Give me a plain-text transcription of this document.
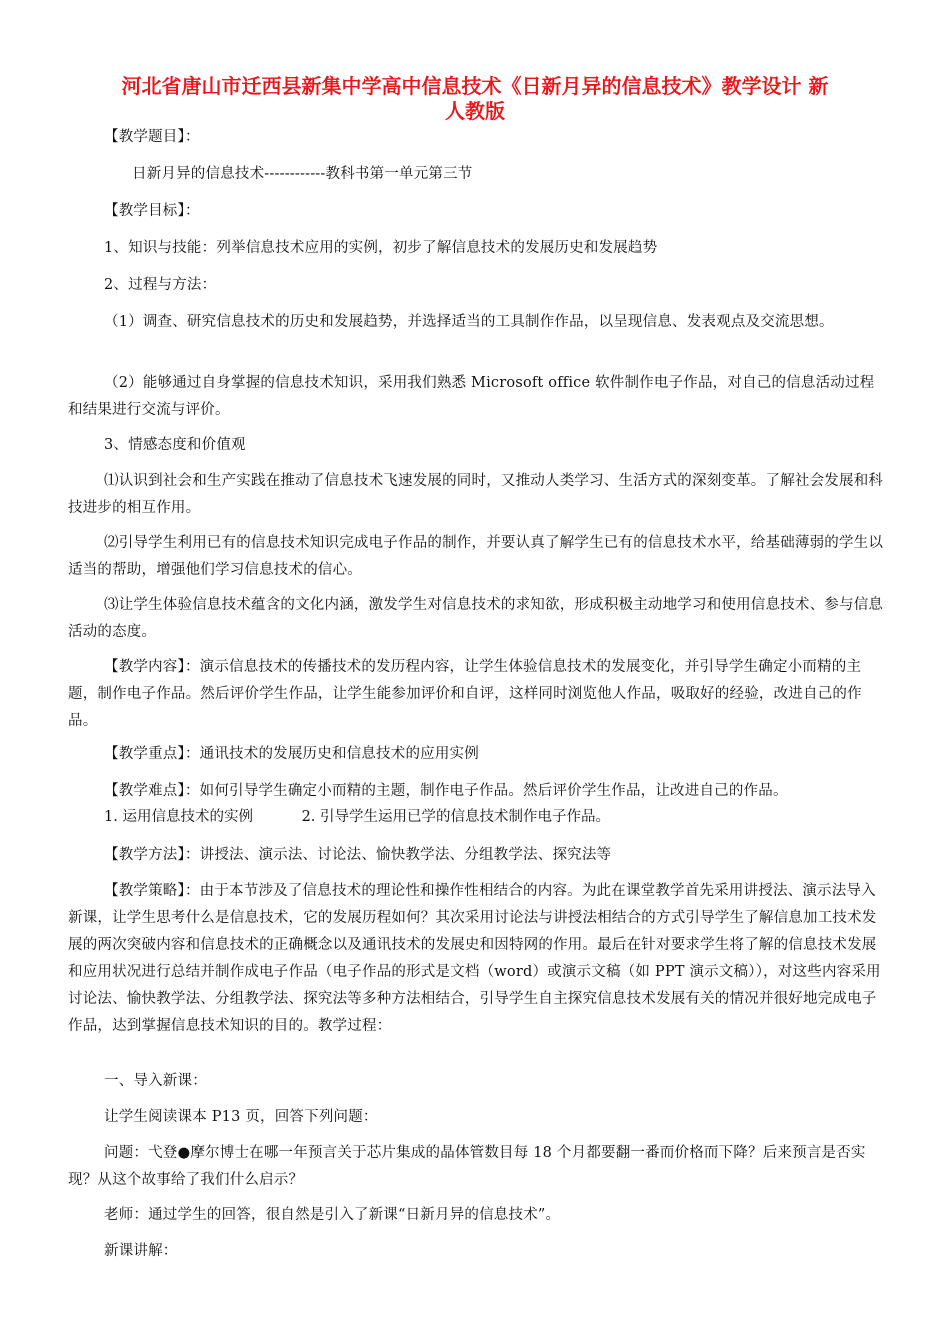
河北省唐山市迁西县新集中学高中信息技术《日新月异的信息技术》教学设计 新
人教版
【教学题目】：
日新月异的信息技术------------教科书第一单元第三节
【教学目标】：
1、知识与技能：列举信息技术应用的实例，初步了解信息技术的发展历史和发展趋势
2、过程与方法：
（1）调查、研究信息技术的历史和发展趋势，并选择适当的工具制作作品，以呈现信息、发表观点及交流思想。
（2）能够通过自身掌握的信息技术知识，采用我们熟悉 Microsoft office 软件制作电子作品，对自己的信息活动过程和结果进行交流与评价。
3、情感态度和价值观
⑴认识到社会和生产实践在推动了信息技术飞速发展的同时，又推动人类学习、生活方式的深刻变革。了解社会发展和科技进步的相互作用。
⑵引导学生利用已有的信息技术知识完成电子作品的制作，并要认真了解学生已有的信息技术水平，给基础薄弱的学生以适当的帮助，增强他们学习信息技术的信心。
⑶让学生体验信息技术蕴含的文化内涵，激发学生对信息技术的求知欲，形成积极主动地学习和使用信息技术、参与信息活动的态度。
【教学内容】：演示信息技术的传播技术的发历程内容，让学生体验信息技术的发展变化，并引导学生确定小而精的主题，制作电子作品。然后评价学生作品，让学生能参加评价和自评，这样同时浏览他人作品，吸取好的经验，改进自己的作品。
【教学重点】：通讯技术的发展历史和信息技术的应用实例
【教学难点】：如何引导学生确定小而精的主题，制作电子作品。然后评价学生作品，让改进自己的作品。
1. 运用信息技术的实例	2. 引导学生运用已学的信息技术制作电子作品。
【教学方法】：讲授法、演示法、讨论法、愉快教学法、分组教学法、探究法等
【教学策略】：由于本节涉及了信息技术的理论性和操作性相结合的内容。为此在课堂教学首先采用讲授法、演示法导入新课，让学生思考什么是信息技术，它的发展历程如何？其次采用讨论法与讲授法相结合的方式引导学生了解信息加工技术发展的两次突破内容和信息技术的正确概念以及通讯技术的发展史和因特网的作用。最后在针对要求学生将了解的信息技术发展和应用状况进行总结并制作成电子作品（电子作品的形式是文档（word）或演示文稿（如 PPT 演示文稿）），对这些内容采用讨论法、愉快教学法、分组教学法、探究法等多种方法相结合，引导学生自主探究信息技术发展有关的情况并很好地完成电子作品，达到掌握信息技术知识的目的。教学过程：
一、导入新课：
让学生阅读课本 P13 页，回答下列问题：
问题：弋登●摩尔博士在哪一年预言关于芯片集成的晶体管数目每 18 个月都要翻一番而价格而下降？后来预言是否实现？从这个故事给了我们什么启示？
老师：通过学生的回答，很自然是引入了新课“日新月异的信息技术”。
新课讲解：
